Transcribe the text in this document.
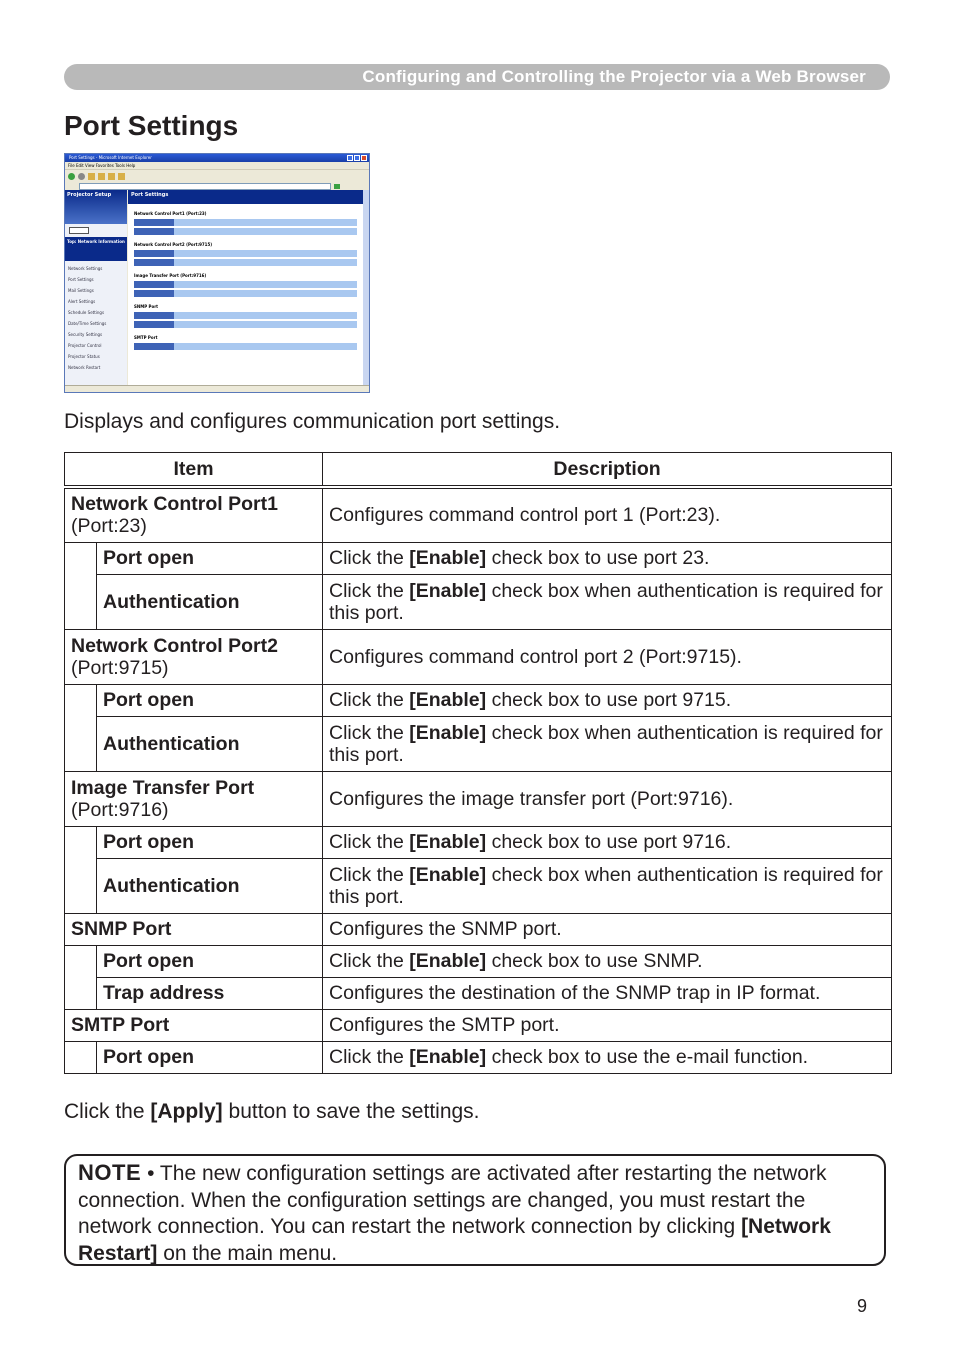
Configuring and Controlling the Projector via a Web Browser
Port Settings
Port Settings - Microsoft Internet Explorer
File Edit View Favorites Tools Help
Projector Setup
Top: Network Information
Network Settings
Port Settings
Mail Settings
Alert Settings
Schedule Settings
Date/Time Settings
Security Settings
Projector Control
Projector Status
Network Restart
Port Settings
Network Control Port1 (Port:23)
Network Control Port2 (Port:9715)
Image Transfer Port (Port:9716)
SNMP Port
SMTP Port

Displays and configures communication port settings.

Item		Description
Network Control Port1
(Port:23)		Configures command control port 1 (Port:23).
	Port open	Click the [Enable] check box to use port 23.
	Authentication	Click the [Enable] check box when authentication is required for this port.
Network Control Port2
(Port:9715)		Configures command control port 2 (Port:9715).
	Port open	Click the [Enable] check box to use port 9715.
	Authentication	Click the [Enable] check box when authentication is required for this port.
Image Transfer Port
(Port:9716)		Configures the image transfer port (Port:9716).
	Port open	Click the [Enable] check box to use port 9716.
	Authentication	Click the [Enable] check box when authentication is required for this port.
SNMP Port		Configures the SNMP port.
	Port open	Click the [Enable] check box to use SNMP.
	Trap address	Configures the destination of the SNMP trap in IP format.
SMTP Port		Configures the SMTP port.
	Port open	Click the [Enable] check box to use the e-mail function.

Click the [Apply] button to save the settings.

NOTE • The new configuration settings are activated after restarting the network connection. When the configuration settings are changed, you must restart the network connection. You can restart the network connection by clicking [Network Restart] on the main menu.

9
